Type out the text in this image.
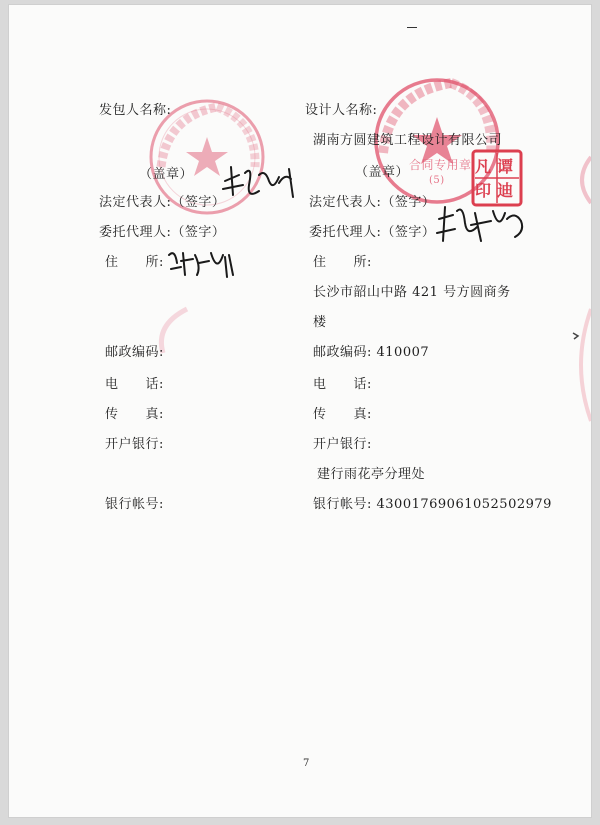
合同专用章
(5)
凡 谭
印 迪
发包人名称:
（盖章）
法定代表人:（签字）
委托代理人:（签字）
住　　所:
邮政编码:
电　　话:
传　　真:
开户银行:
银行帐号:
设计人名称:
湖南方圆建筑工程设计有限公司
（盖章）
法定代表人:（签字）
委托代理人:（签字）
住　　所:
长沙市韶山中路 421 号方圆商务
楼
邮政编码: 410007
电　　话:
传　　真:
开户银行:
建行雨花亭分理处
银行帐号: 43001769061052502979
7
